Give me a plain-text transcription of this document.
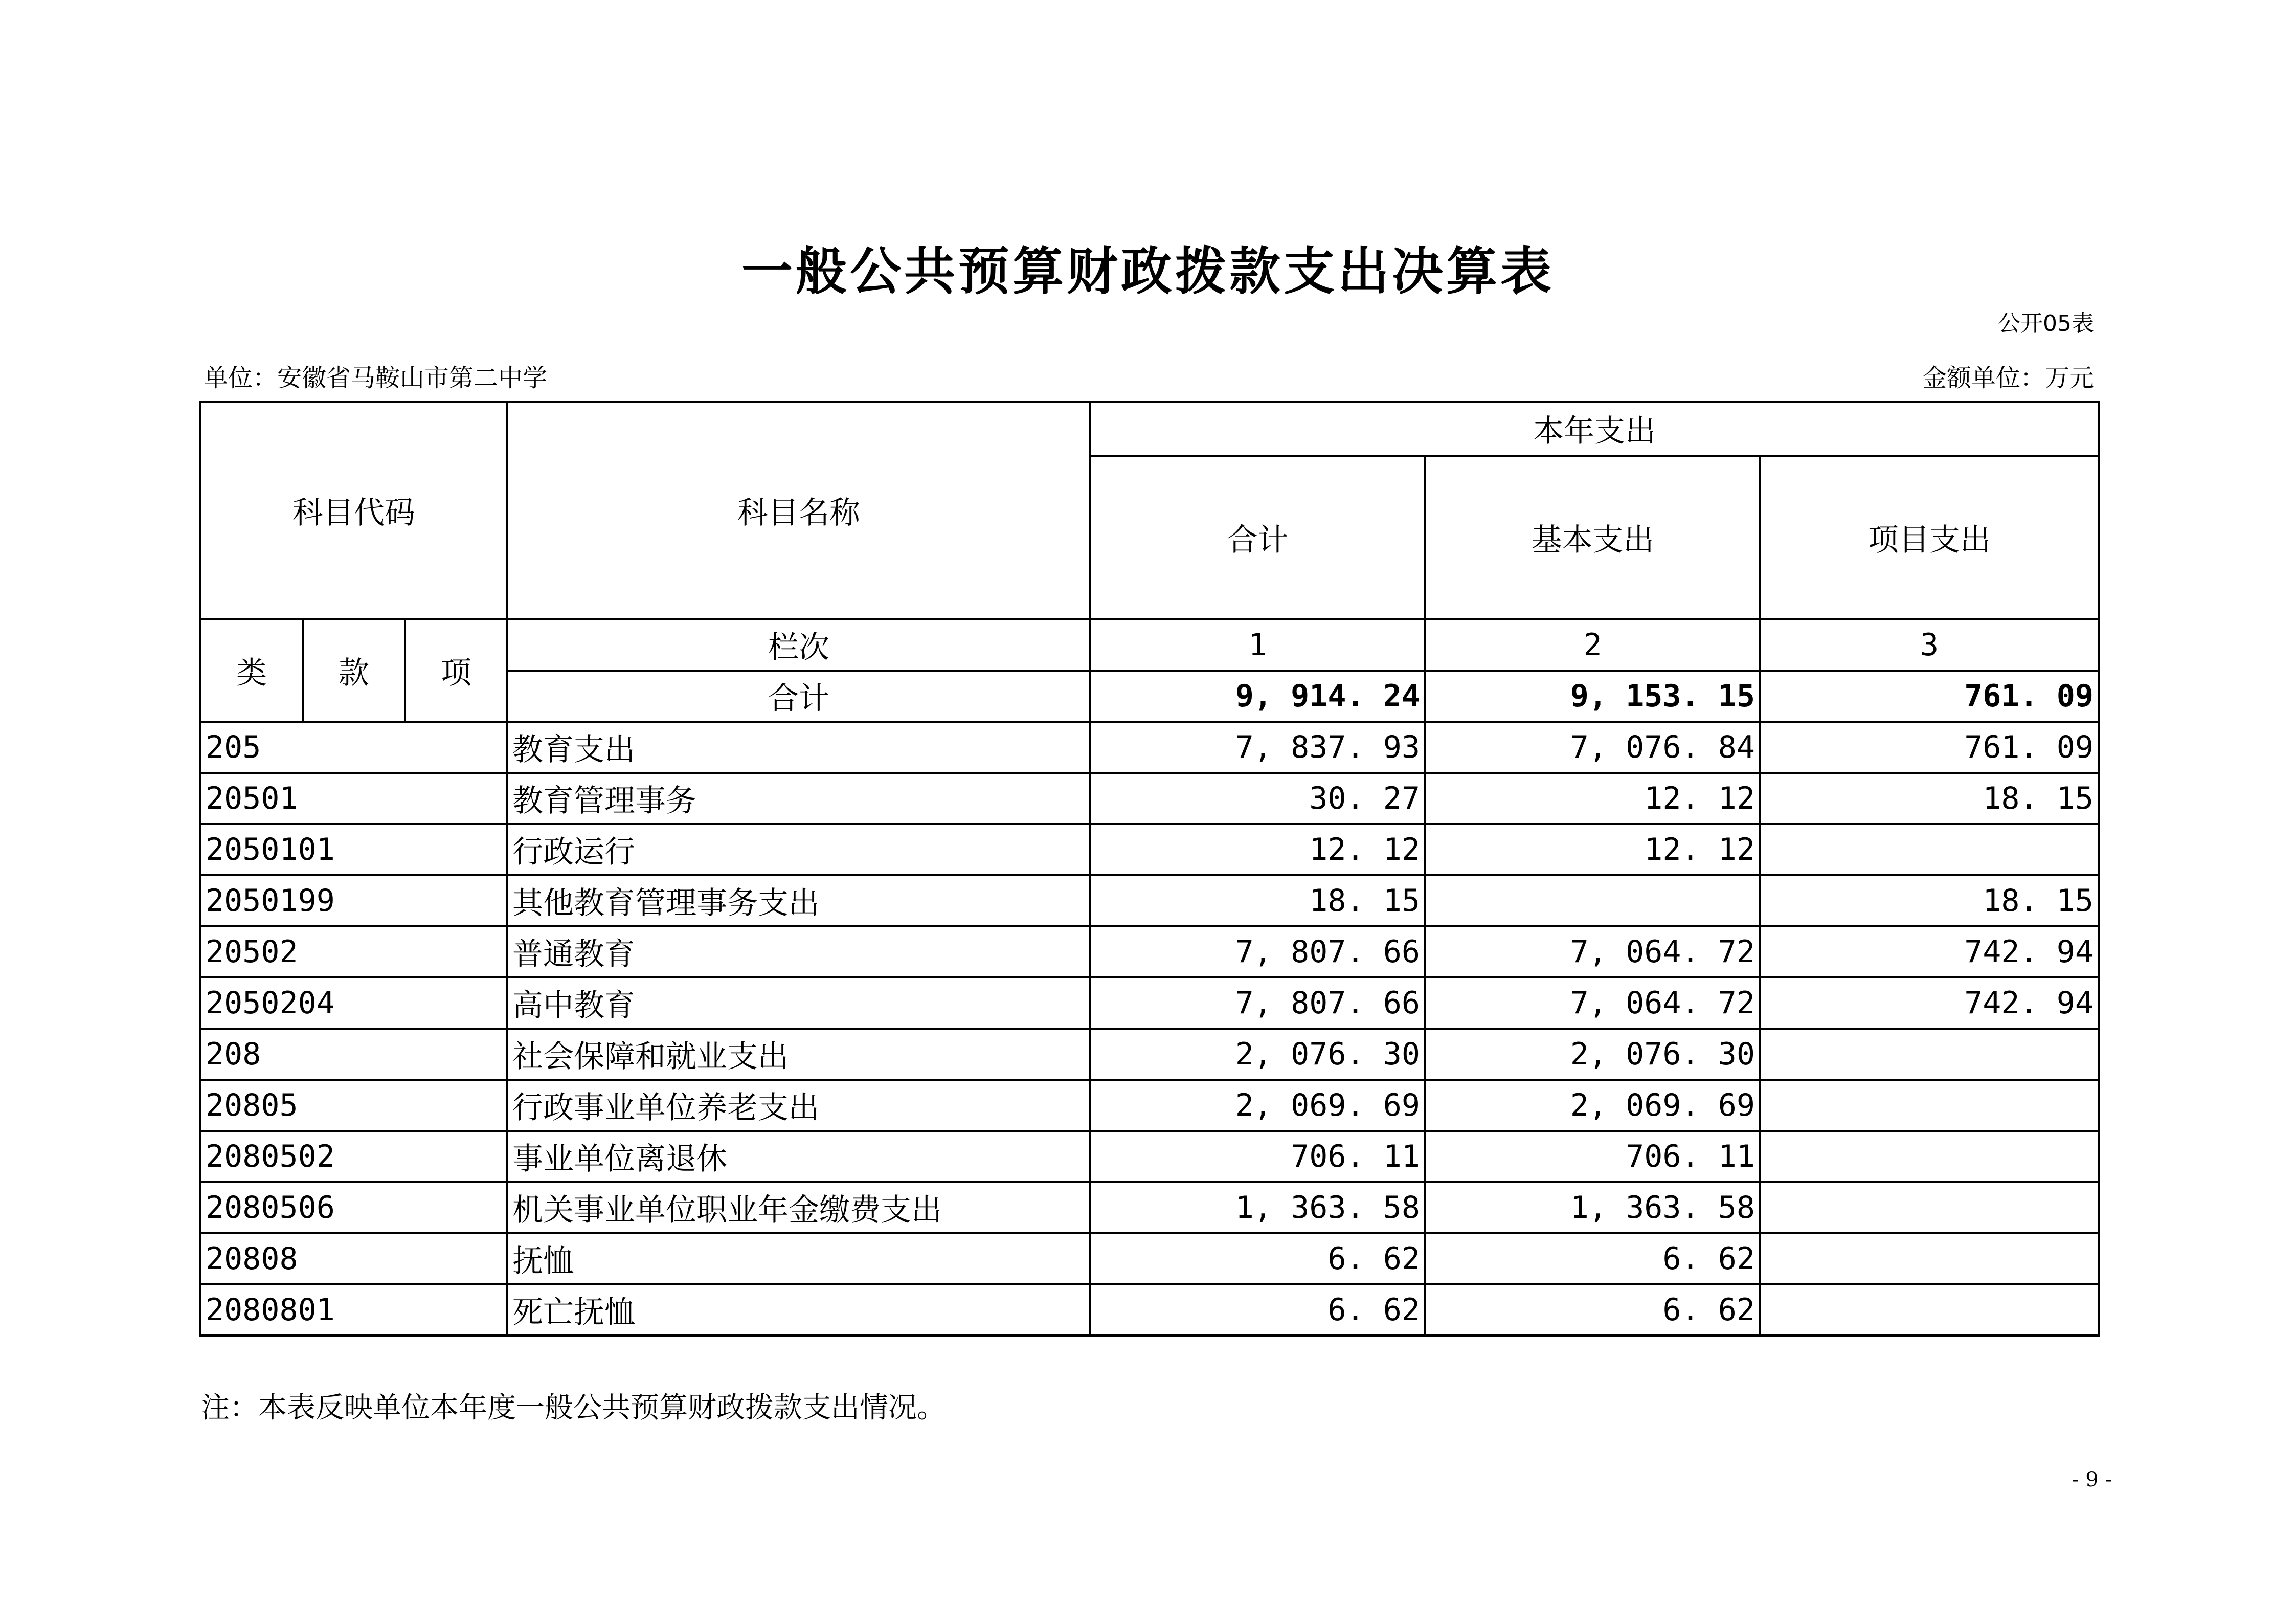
一般公共预算财政拨款支出决算表
公开05表
单位：安徽省马鞍山市第二中学	金额单位：万元
科目代码			科目名称	本年支出		
				合计	基本支出	项目支出
类	款	项	栏次	1	2	3
			合计	9, 914. 24	9, 153. 15	761. 09
205			教育支出	7, 837. 93	7, 076. 84	761. 09
20501			教育管理事务	30. 27	12. 12	18. 15
2050101			行政运行	12. 12	12. 12	
2050199			其他教育管理事务支出	18. 15		18. 15
20502			普通教育	7, 807. 66	7, 064. 72	742. 94
2050204			高中教育	7, 807. 66	7, 064. 72	742. 94
208			社会保障和就业支出	2, 076. 30	2, 076. 30	
20805			行政事业单位养老支出	2, 069. 69	2, 069. 69	
2080502			事业单位离退休	706. 11	706. 11	
2080506			机关事业单位职业年金缴费支出	1, 363. 58	1, 363. 58	
20808			抚恤	6. 62	6. 62	
2080801			死亡抚恤	6. 62	6. 62	
注：本表反映单位本年度一般公共预算财政拨款支出情况。
- 9 -
